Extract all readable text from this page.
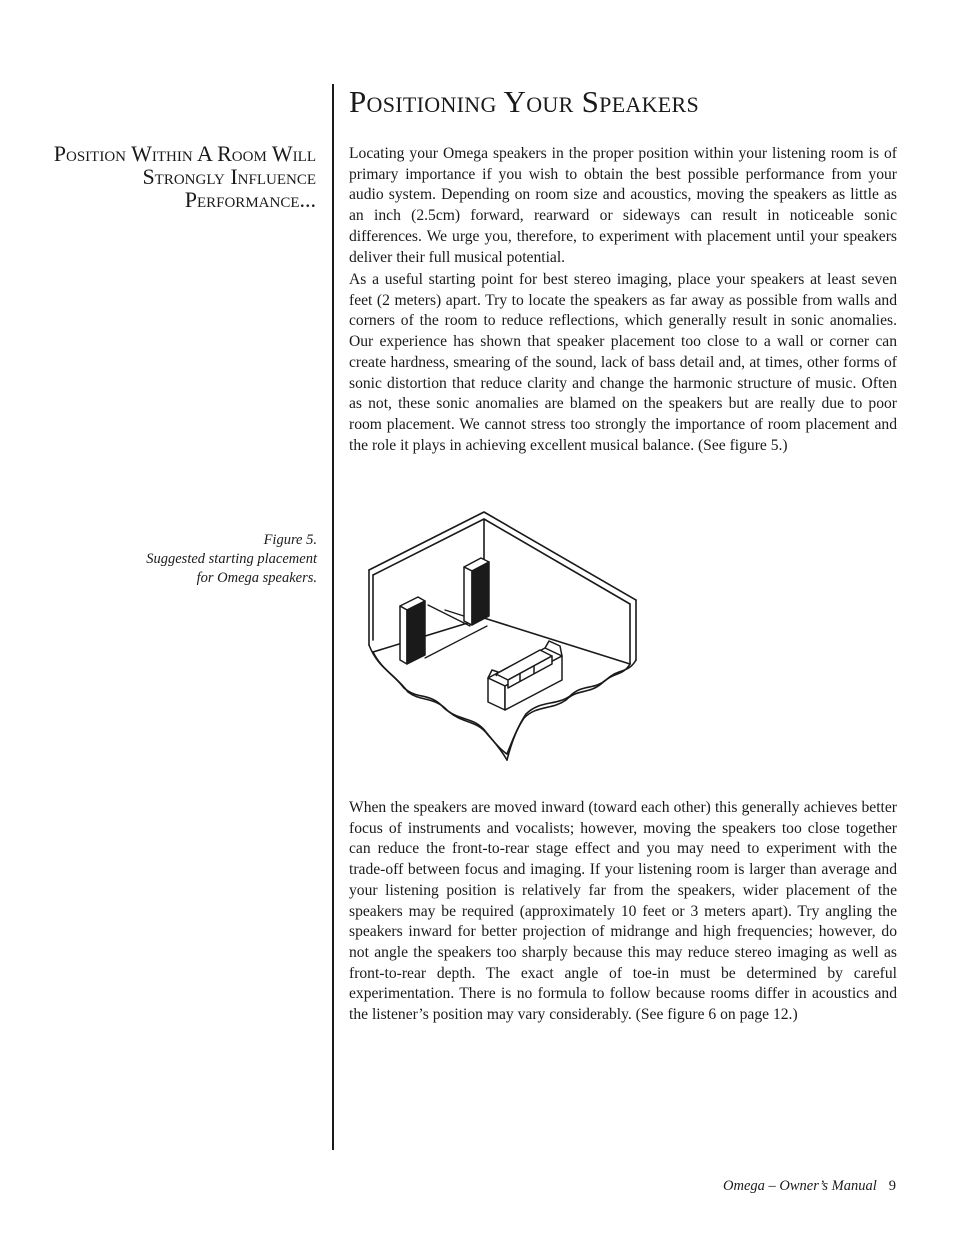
Positioning Your Speakers
Position Within A Room Will Strongly Influence Performance...

Locating your Omega speakers in the proper position within your listening room is of primary importance if you wish to obtain the best possible performance from your audio system. Depending on room size and acoustics, moving the speakers as little as an inch (2.5cm) forward, rearward or sideways can result in noticeable sonic differences. We urge you, therefore, to experiment with placement until your speakers deliver their full musical potential.

As a useful starting point for best stereo imaging, place your speakers at least seven feet (2 meters) apart. Try to locate the speakers as far away as possible from walls and corners of the room to reduce reflections, which generally result in sonic anomalies. Our experience has shown that speaker placement too close to a wall or corner can create hardness, smearing of the sound, lack of bass detail and, at times, other forms of sonic distortion that reduce clarity and change the harmonic structure of music. Often as not, these sonic anomalies are blamed on the speakers but are really due to poor room placement. We cannot stress too strongly the importance of room placement and the role it plays in achieving excellent musical balance. (See figure 5.)

Figure 5.
Suggested starting placement
for Omega speakers.

When the speakers are moved inward (toward each other) this generally achieves better focus of instruments and vocalists; however, moving the speakers too close together can reduce the front-to-rear stage effect and you may need to experiment with the trade-off between focus and imaging. If your listening room is larger than average and your listening position is relatively far from the speakers, wider placement of the speakers may be required (approximately 10 feet or 3 meters apart). Try angling the speakers inward for better projection of midrange and high frequencies; however, do not angle the speakers too sharply because this may reduce stereo imaging as well as front-to-rear depth. The exact angle of toe-in must be determined by careful experimentation. There is no formula to follow because rooms differ in acoustics and the listener’s position may vary considerably. (See figure 6 on page 12.)

Omega – Owner’s Manual 9
